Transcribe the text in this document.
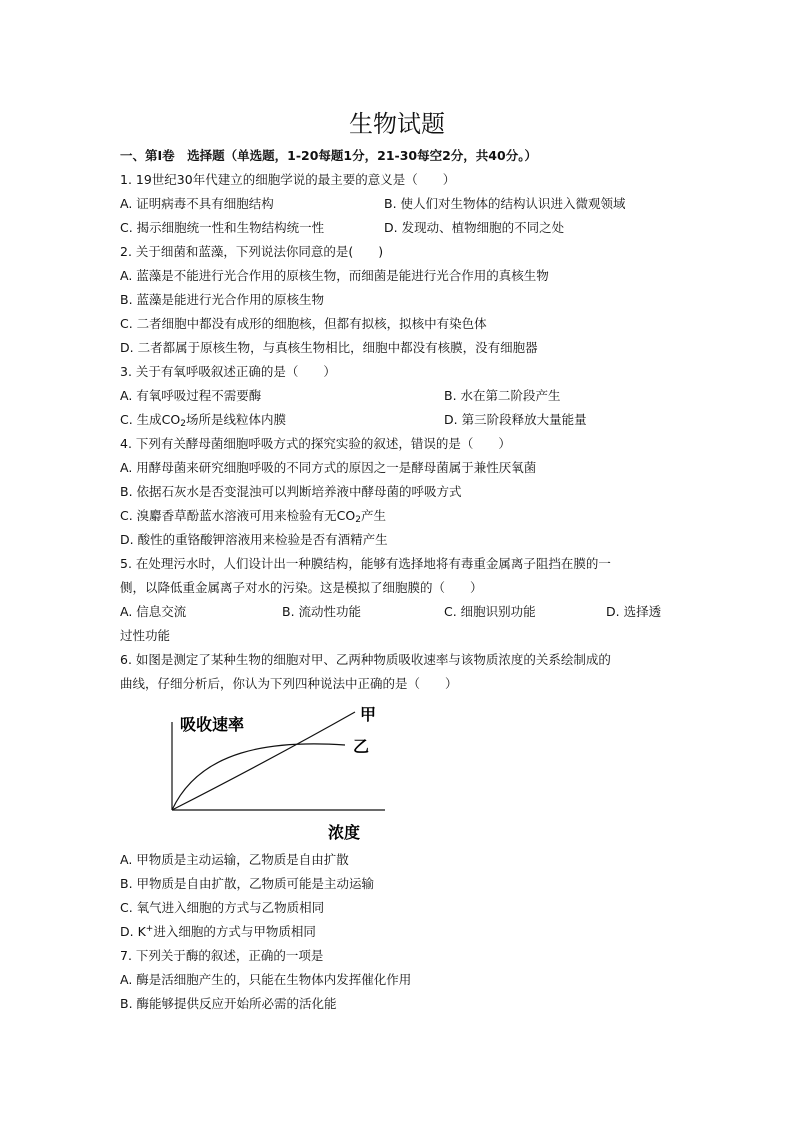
生物试题
一、第Ⅰ卷　选择题（单选题，1-20每题1分，21-30每空2分，共40分。）
1. 19世纪30年代建立的细胞学说的最主要的意义是（　　）
A. 证明病毒不具有细胞结构	B. 使人们对生物体的结构认识进入微观领域
C. 揭示细胞统一性和生物结构统一性	D. 发现动、植物细胞的不同之处
2. 关于细菌和蓝藻，下列说法你同意的是(　　)
A. 蓝藻是不能进行光合作用的原核生物，而细菌是能进行光合作用的真核生物
B. 蓝藻是能进行光合作用的原核生物
C. 二者细胞中都没有成形的细胞核，但都有拟核，拟核中有染色体
D. 二者都属于原核生物，与真核生物相比，细胞中都没有核膜，没有细胞器
3. 关于有氧呼吸叙述正确的是（　　）
A. 有氧呼吸过程不需要酶	B. 水在第二阶段产生
C. 生成$CO_2$场所是线粒体内膜	D. 第三阶段释放大量能量
4. 下列有关酵母菌细胞呼吸方式的探究实验的叙述，错误的是（　　）
A. 用酵母菌来研究细胞呼吸的不同方式的原因之一是酵母菌属于兼性厌氧菌
B. 依据石灰水是否变混浊可以判断培养液中酵母菌的呼吸方式
C. 溴麝香草酚蓝水溶液可用来检验有无$CO_2$产生
D. 酸性的重铬酸钾溶液用来检验是否有酒精产生
5. 在处理污水时，人们设计出一种膜结构，能够有选择地将有毒重金属离子阻挡在膜的一
侧，以降低重金属离子对水的污染。这是模拟了细胞膜的（　　）
A. 信息交流	B. 流动性功能	C. 细胞识别功能	D. 选择透
过性功能
6. 如图是测定了某种生物的细胞对甲、乙两种物质吸收速率与该物质浓度的关系绘制成的
曲线，仔细分析后，你认为下列四种说法中正确的是（　　）
吸收速率
浓度
甲
乙
A. 甲物质是主动运输，乙物质是自由扩散
B. 甲物质是自由扩散，乙物质可能是主动运输
C. 氧气进入细胞的方式与乙物质相同
D. K+进入细胞的方式与甲物质相同
7. 下列关于酶的叙述，正确的一项是
A. 酶是活细胞产生的，只能在生物体内发挥催化作用
B. 酶能够提供反应开始所必需的活化能
